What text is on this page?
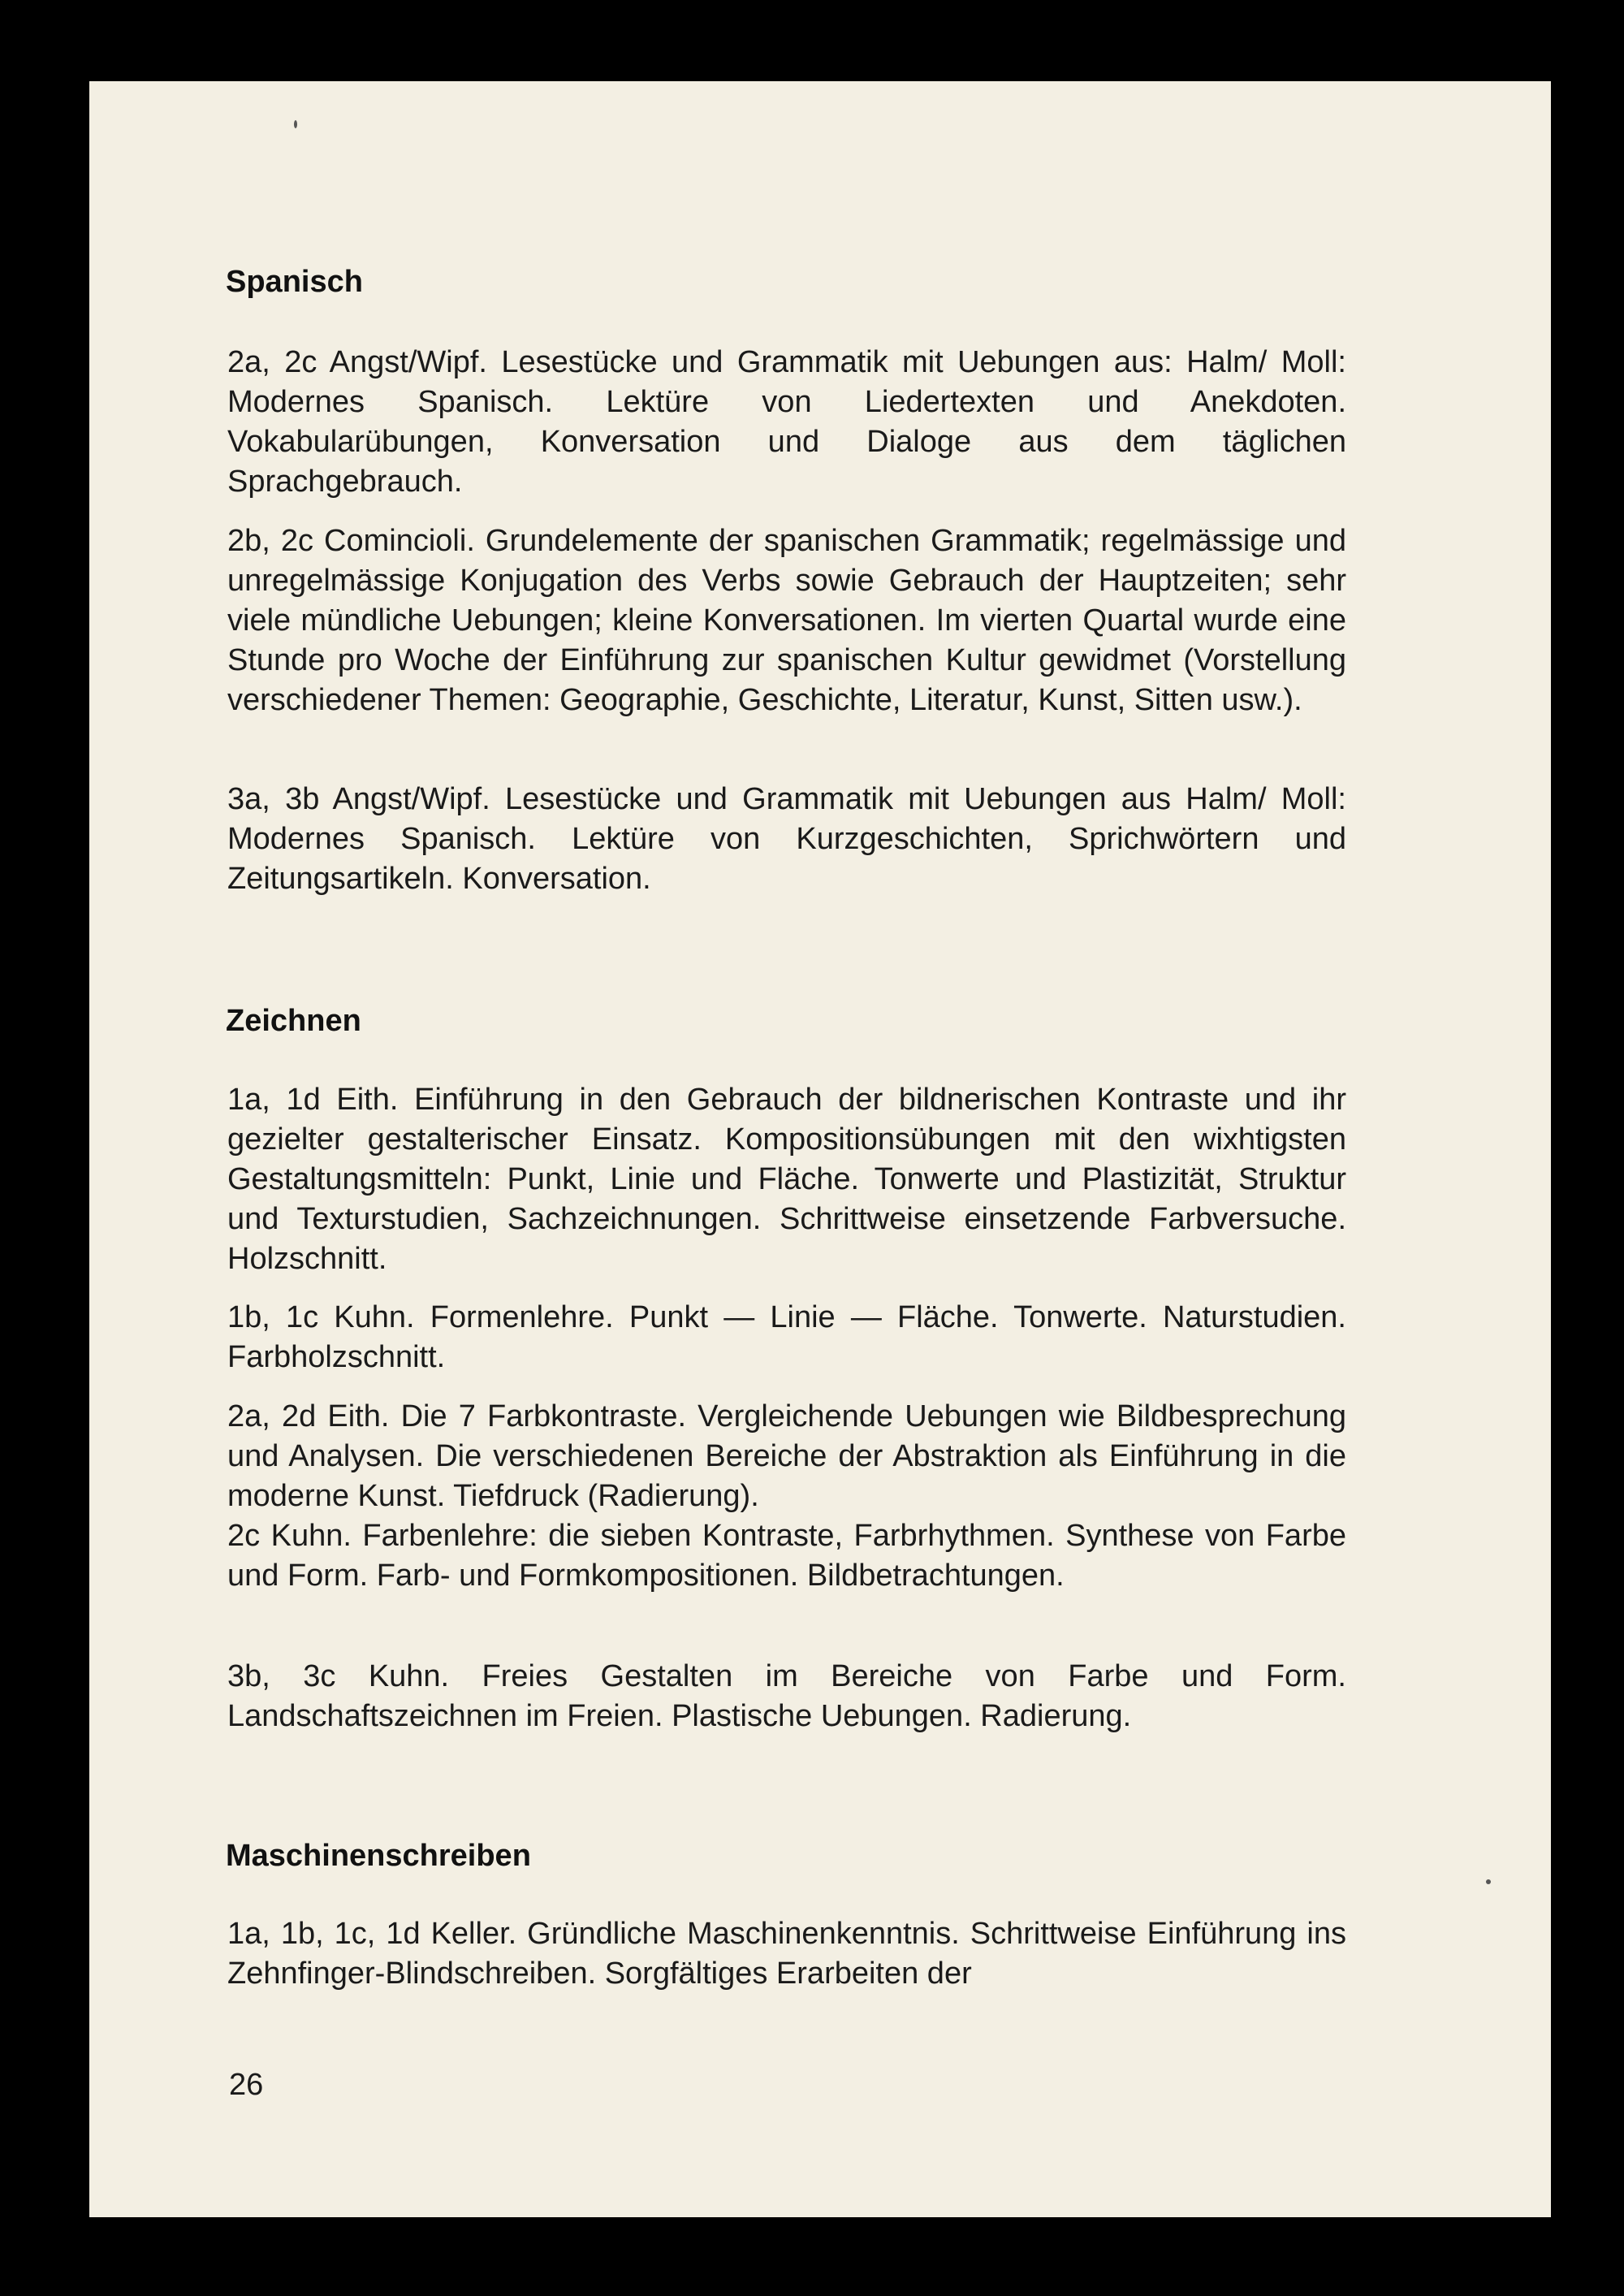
Spanisch

2a, 2c Angst/Wipf. Lesestücke und Grammatik mit Uebungen aus: Halm/ Moll: Modernes Spanisch. Lektüre von Liedertexten und Anekdoten. Vokabularübungen, Konversation und Dialoge aus dem täglichen Sprachgebrauch.

2b, 2c Comincioli. Grundelemente der spanischen Grammatik; regelmässige und unregelmässige Konjugation des Verbs sowie Gebrauch der Hauptzeiten; sehr viele mündliche Uebungen; kleine Konversationen. Im vierten Quartal wurde eine Stunde pro Woche der Einführung zur spanischen Kultur gewidmet (Vorstellung verschiedener Themen: Geographie, Geschichte, Literatur, Kunst, Sitten usw.).

3a, 3b Angst/Wipf. Lesestücke und Grammatik mit Uebungen aus Halm/ Moll: Modernes Spanisch. Lektüre von Kurzgeschichten, Sprichwörtern und Zeitungsartikeln. Konversation.

Zeichnen

1a, 1d Eith. Einführung in den Gebrauch der bildnerischen Kontraste und ihr gezielter gestalterischer Einsatz. Kompositionsübungen mit den wixhtigsten Gestaltungsmitteln: Punkt, Linie und Fläche. Tonwerte und Plastizität, Struktur und Texturstudien, Sachzeichnungen. Schrittweise einsetzende Farbversuche. Holzschnitt.

1b, 1c Kuhn. Formenlehre. Punkt — Linie — Fläche. Tonwerte. Naturstudien. Farbholzschnitt.

2a, 2d Eith. Die 7 Farbkontraste. Vergleichende Uebungen wie Bildbesprechung und Analysen. Die verschiedenen Bereiche der Abstraktion als Einführung in die moderne Kunst. Tiefdruck (Radierung).

2c Kuhn. Farbenlehre: die sieben Kontraste, Farbrhythmen. Synthese von Farbe und Form. Farb- und Formkompositionen. Bildbetrachtungen.

3b, 3c Kuhn. Freies Gestalten im Bereiche von Farbe und Form. Landschaftszeichnen im Freien. Plastische Uebungen. Radierung.

Maschinenschreiben

1a, 1b, 1c, 1d Keller. Gründliche Maschinenkenntnis. Schrittweise Einführung ins Zehnfinger-Blindschreiben. Sorgfältiges Erarbeiten der

26
